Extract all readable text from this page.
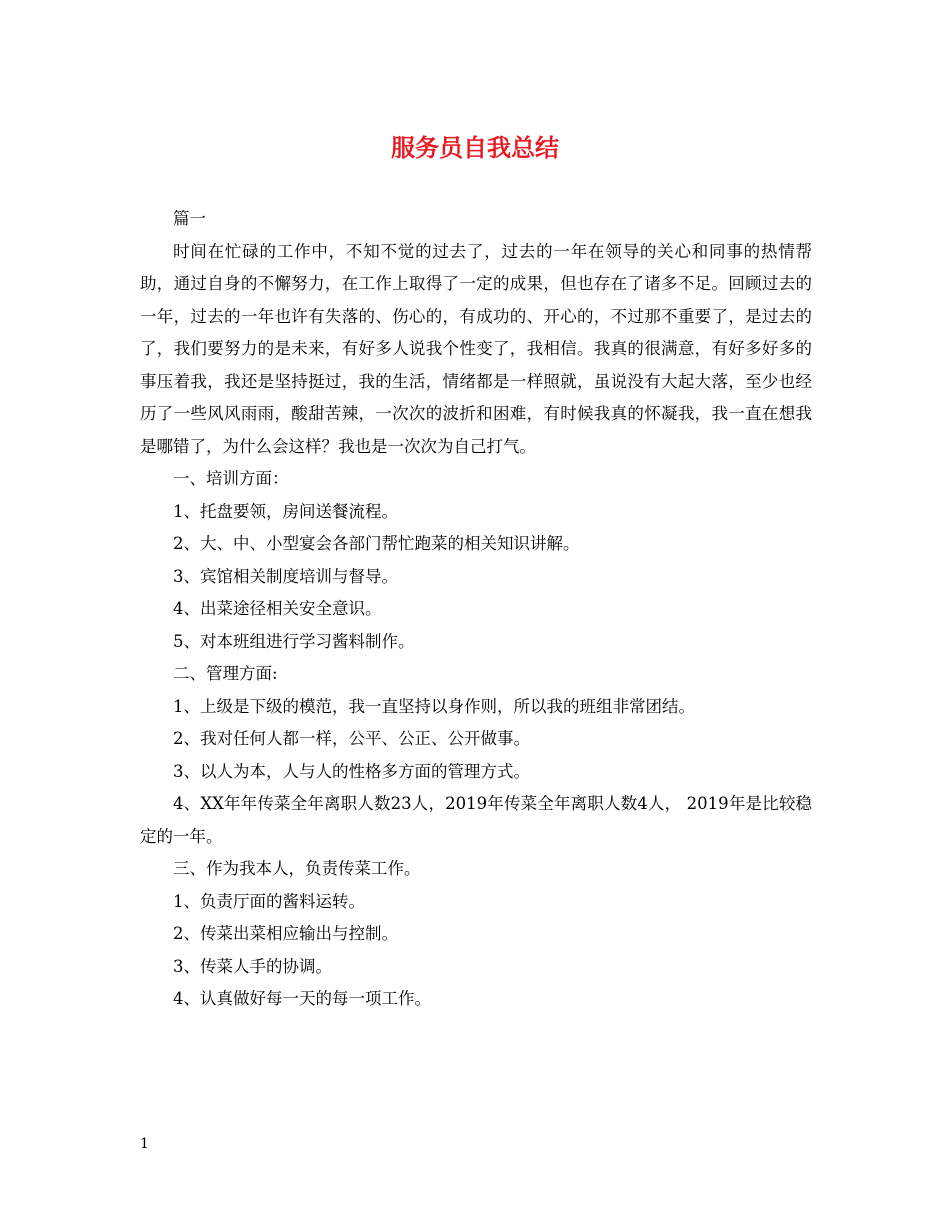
服务员自我总结

篇一

时间在忙碌的工作中，不知不觉的过去了，过去的一年在领导的关心和同事的热情帮助，通过自身的不懈努力，在工作上取得了一定的成果，但也存在了诸多不足。回顾过去的一年，过去的一年也许有失落的、伤心的，有成功的、开心的，不过那不重要了，是过去的了，我们要努力的是未来，有好多人说我个性变了，我相信。我真的很满意，有好多好多的事压着我，我还是坚持挺过，我的生活，情绪都是一样照就，虽说没有大起大落，至少也经历了一些风风雨雨，酸甜苦辣，一次次的波折和困难，有时候我真的怀凝我，我一直在想我是哪错了，为什么会这样？我也是一次次为自己打气。

一、培训方面：

1、托盘要领，房间送餐流程。

2、大、中、小型宴会各部门帮忙跑菜的相关知识讲解。

3、宾馆相关制度培训与督导。

4、出菜途径相关安全意识。

5、对本班组进行学习酱料制作。

二、管理方面:

1、上级是下级的模范，我一直坚持以身作则，所以我的班组非常团结。

2、我对任何人都一样，公平、公正、公开做事。

3、以人为本，人与人的性格多方面的管理方式。

4、XX年年传菜全年离职人数23人，2019年传菜全年离职人数4人， 2019年是比较稳定的一年。

三、作为我本人，负责传菜工作。

1、负责厅面的酱料运转。

2、传菜出菜相应输出与控制。

3、传菜人手的协调。

4、认真做好每一天的每一项工作。

1
